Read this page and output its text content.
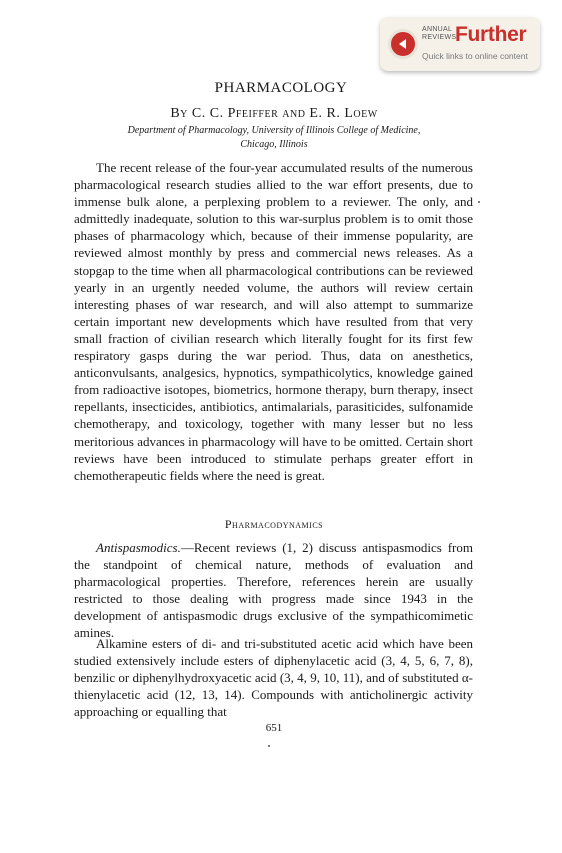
ANNUAL
REVIEWS
Further
Quick links to online content
PHARMACOLOGY
By C. C. Pfeiffer and E. R. Loew
Department of Pharmacology, University of Illinois College of Medicine,
Chicago, Illinois

The recent release of the four-year accumulated results of the numerous pharmacological research studies allied to the war effort presents, due to immense bulk alone, a perplexing problem to a reviewer. The only, and admittedly inadequate, solution to this war-surplus problem is to omit those phases of pharmacology which, because of their immense popularity, are reviewed almost monthly by press and commercial news releases. As a stopgap to the time when all pharmacological contributions can be reviewed yearly in an urgently needed volume, the authors will review certain interesting phases of war research, and will also attempt to summarize certain important new developments which have resulted from that very small fraction of civilian research which literally fought for its first few respiratory gasps during the war period. Thus, data on anesthetics, anticonvulsants, analgesics, hypnotics, sympathicolytics, knowledge gained from radioactive isotopes, biometrics, hormone therapy, burn therapy, insect repellants, insecticides, antibiotics, antimalarials, parasiticides, sulfonamide chemotherapy, and toxicology, together with many lesser but no less meritorious advances in pharmacology will have to be omitted. Certain short reviews have been introduced to stimulate perhaps greater effort in chemotherapeutic fields where the need is great.

Pharmacodynamics

Antispasmodics.—Recent reviews (1, 2) discuss antispasmodics from the standpoint of chemical nature, methods of evaluation and pharmacological properties. Therefore, references herein are usually restricted to those dealing with progress made since 1943 in the development of antispasmodic drugs exclusive of the sympathicomimetic amines.

Alkamine esters of di- and tri-substituted acetic acid which have been studied extensively include esters of diphenylacetic acid (3, 4, 5, 6, 7, 8), benzilic or diphenylhydroxyacetic acid (3, 4, 9, 10, 11), and of substituted α-thienylacetic acid (12, 13, 14). Compounds with anticholinergic activity approaching or equalling that

651
